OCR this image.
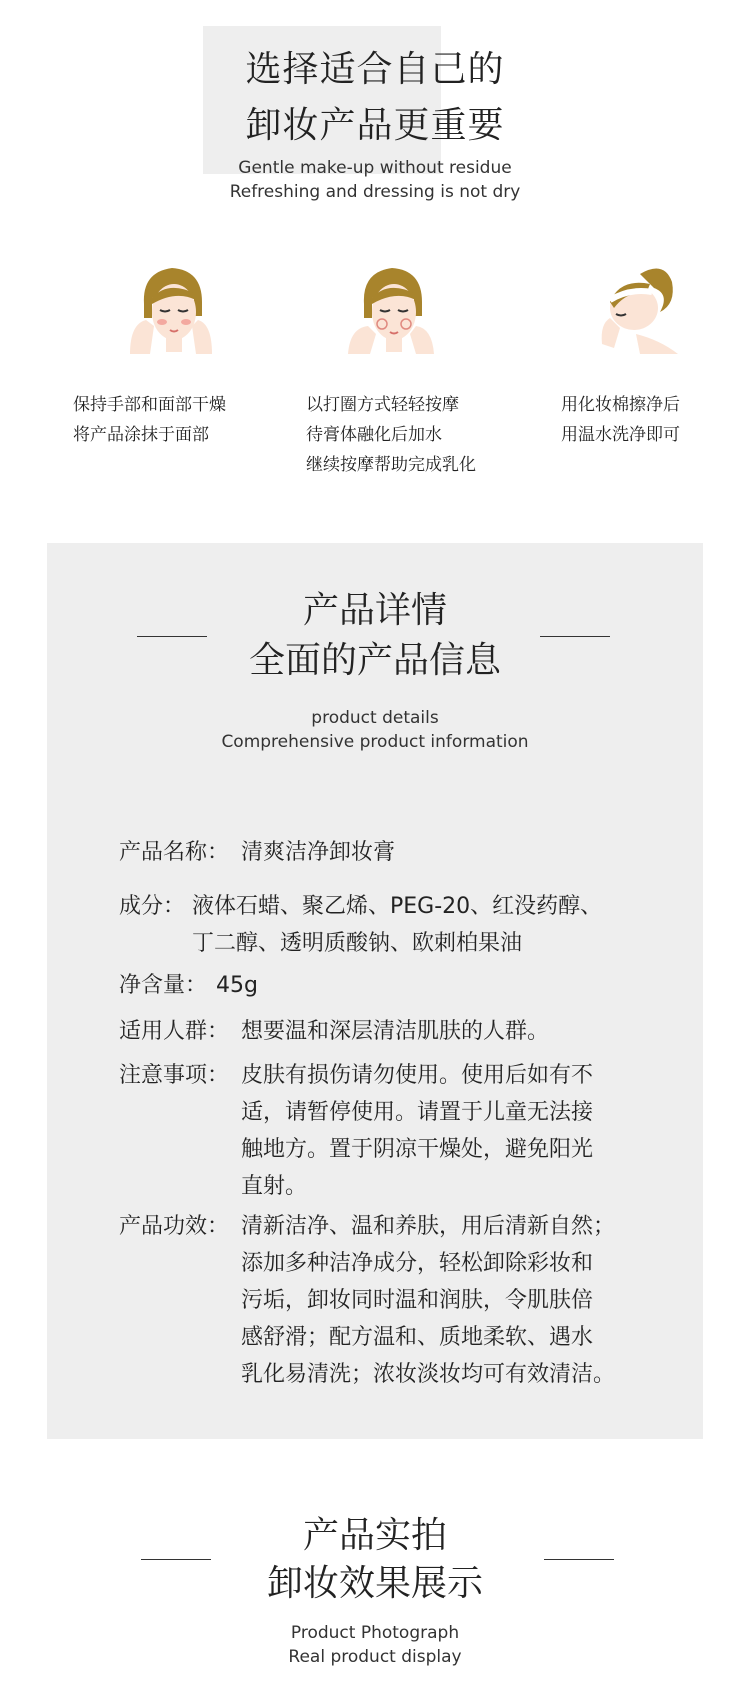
选择适合自己的
卸妆产品更重要
Gentle make-up without residue
Refreshing and dressing is not dry
保持手部和面部干燥
将产品涂抹于面部
以打圈方式轻轻按摩
待膏体融化后加水
继续按摩帮助完成乳化
用化妆棉擦净后
用温水洗净即可
产品详情
全面的产品信息
product details
Comprehensive product information
产品名称： 清爽洁净卸妆膏
成分： 液体石蜡、聚乙烯、PEG-20、红没药醇、
丁二醇、透明质酸钠、欧刺柏果油
净含量： 45g
适用人群： 想要温和深层清洁肌肤的人群。
注意事项： 皮肤有损伤请勿使用。使用后如有不
适，请暂停使用。请置于儿童无法接
触地方。置于阴凉干燥处，避免阳光
直射。
产品功效： 清新洁净、温和养肤，用后清新自然；
添加多种洁净成分，轻松卸除彩妆和
污垢，卸妆同时温和润肤，令肌肤倍
感舒滑；配方温和、质地柔软、遇水
乳化易清洗；浓妆淡妆均可有效清洁。
产品实拍
卸妆效果展示
Product Photograph
Real product display
